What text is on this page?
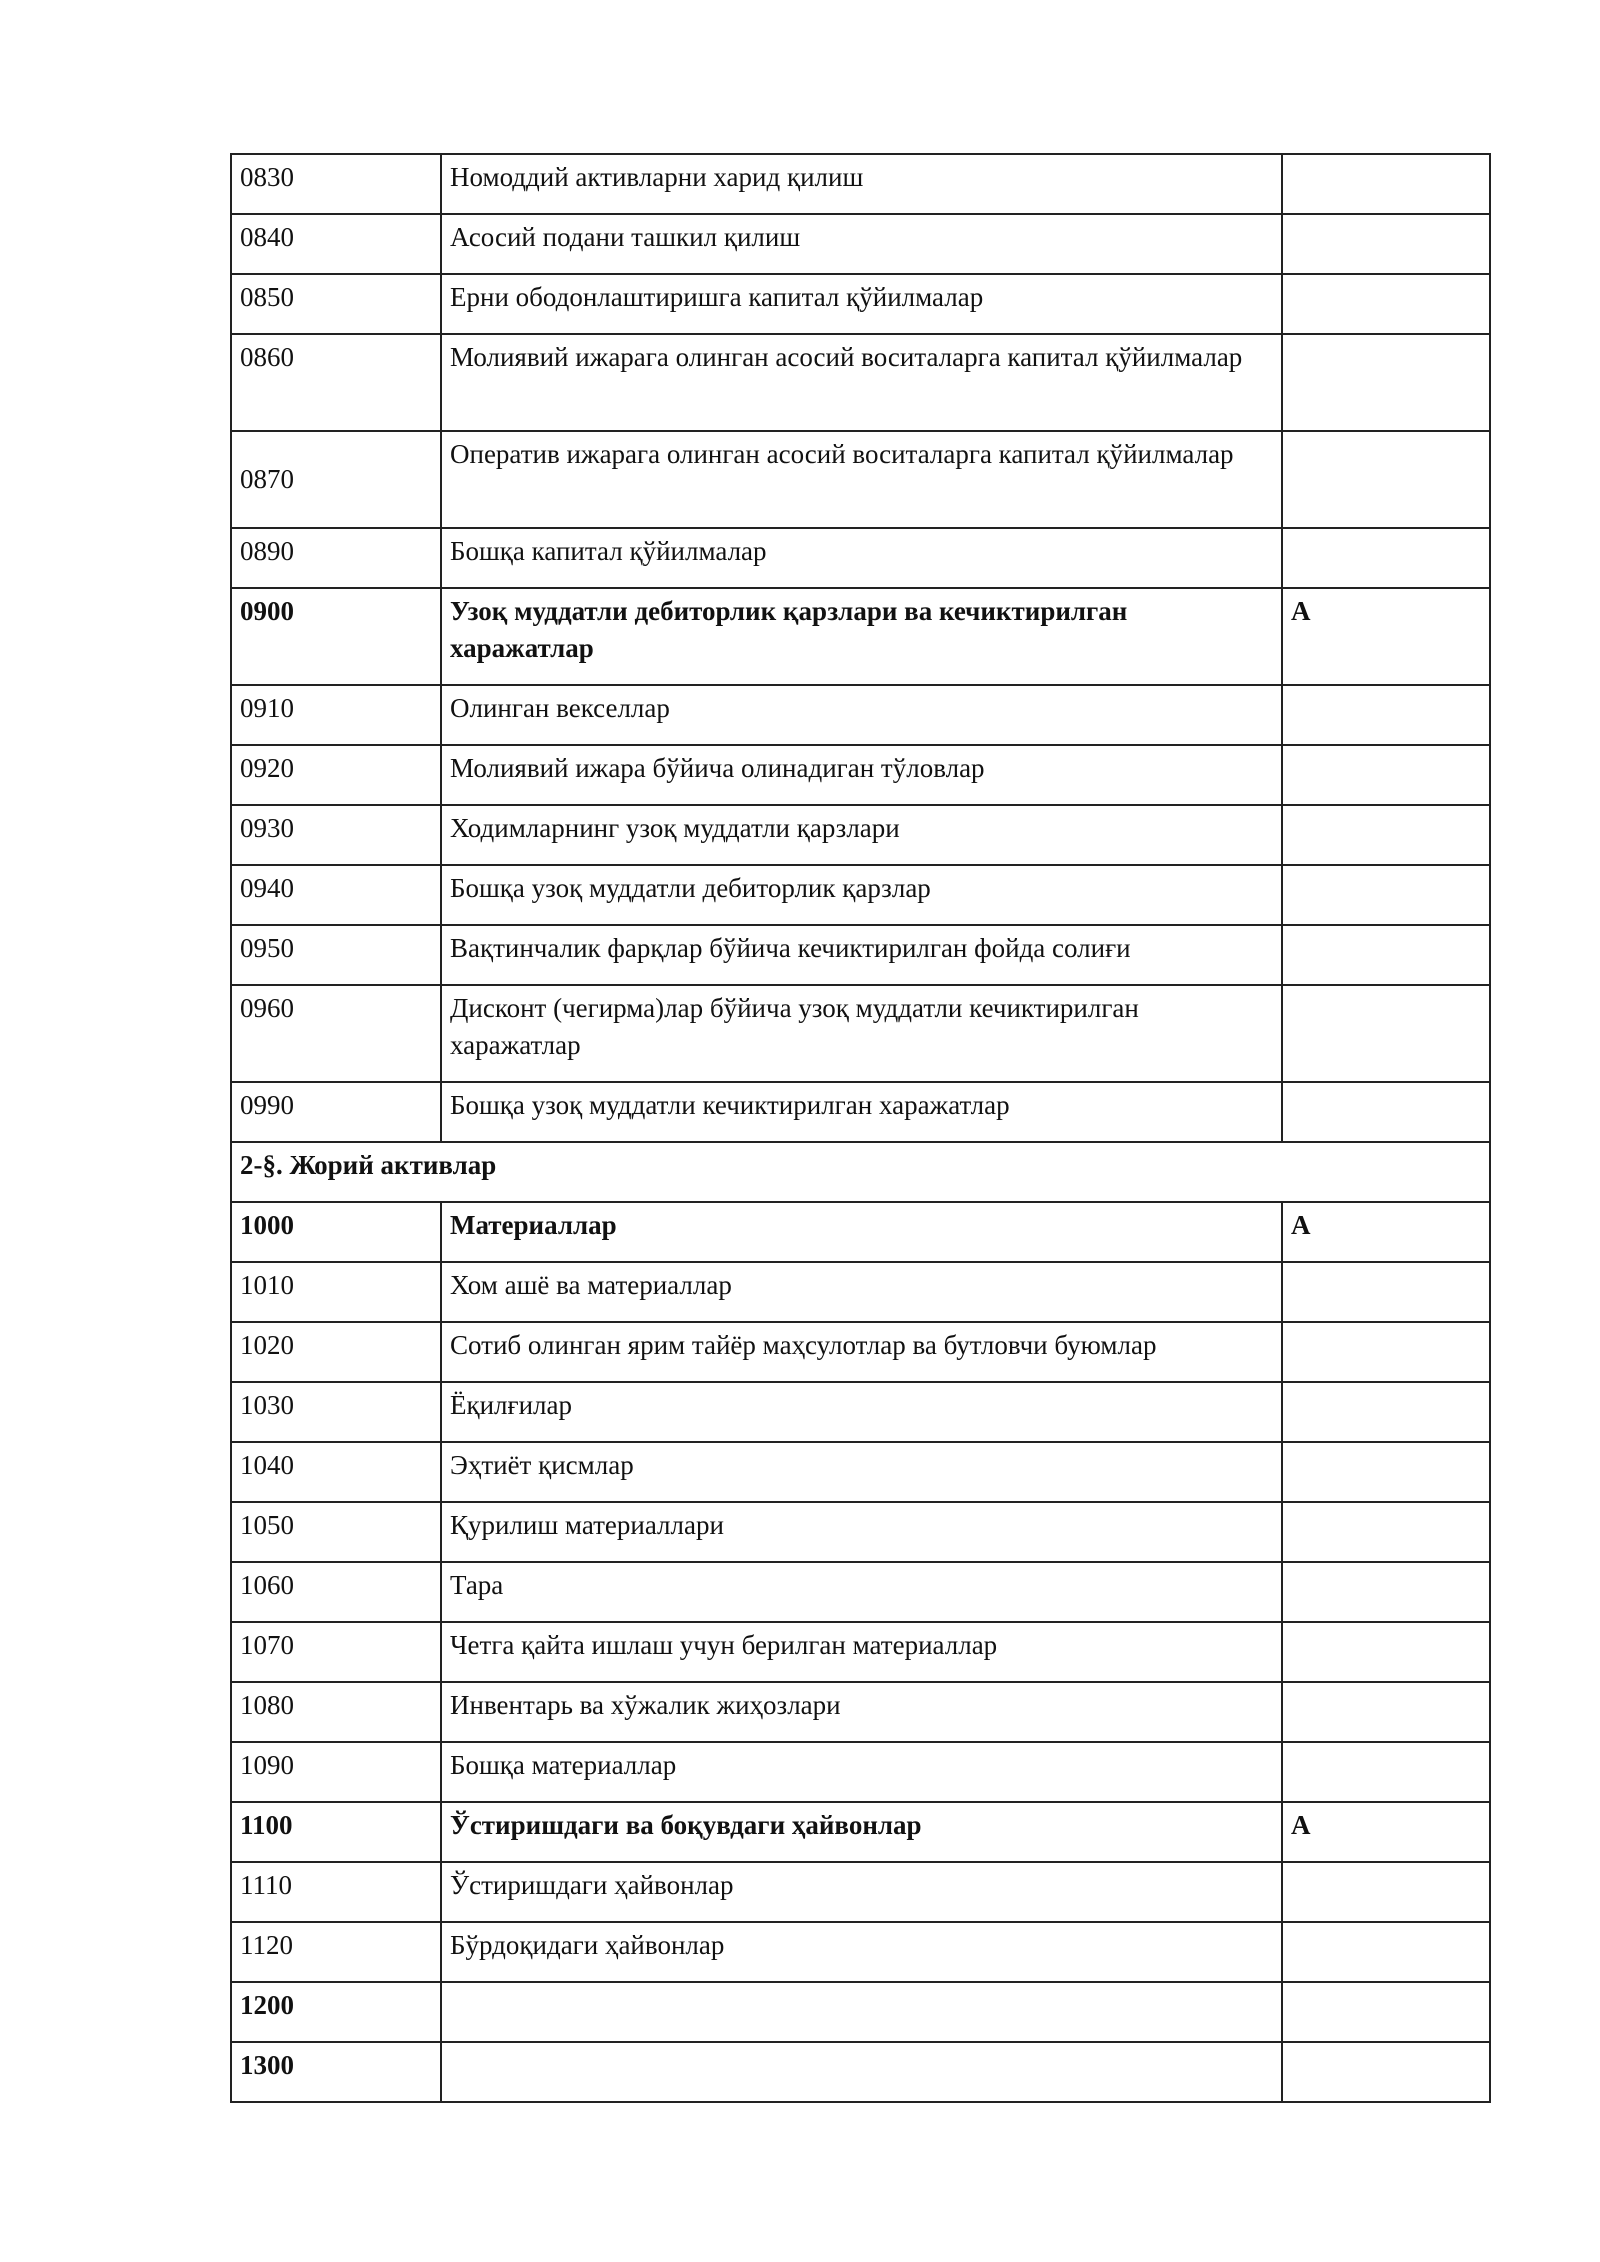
0830	Номоддий активларни харид қилиш	
0840	Асосий подани ташкил қилиш	
0850	Ерни ободонлаштиришга капитал қўйилмалар	
0860	Молиявий ижарага олинган асосий воситаларга капитал қўйилмалар	
0870	Оператив ижарага олинган асосий воситаларга капитал қўйилмалар	
0890	Бошқа капитал қўйилмалар	
0900	Узоқ муддатли дебиторлик қарзлари ва кечиктирилган харажатлар	А
0910	Олинган векселлар	
0920	Молиявий ижара бўйича олинадиган тўловлар	
0930	Ходимларнинг узоқ муддатли қарзлари	
0940	Бошқа узоқ муддатли дебиторлик қарзлар	
0950	Вақтинчалик фарқлар бўйича кечиктирилган фойда солиғи	
0960	Дисконт (чегирма)лар бўйича узоқ муддатли кечиктирилган харажатлар	
0990	Бошқа узоқ муддатли кечиктирилган харажатлар	
2-§. Жорий активлар		
1000	Материаллар	А
1010	Хом ашё ва материаллар	
1020	Сотиб олинган ярим тайёр маҳсулотлар ва бутловчи буюмлар	
1030	Ёқилғилар	
1040	Эҳтиёт қисмлар	
1050	Қурилиш материаллари	
1060	Тара	
1070	Четга қайта ишлаш учун берилган материаллар	
1080	Инвентарь ва хўжалик жиҳозлари	
1090	Бошқа материаллар	
1100	Ўстиришдаги ва боқувдаги ҳайвонлар	А
1110	Ўстиришдаги ҳайвонлар	
1120	Бўрдоқидаги ҳайвонлар	
1200		
1300		
